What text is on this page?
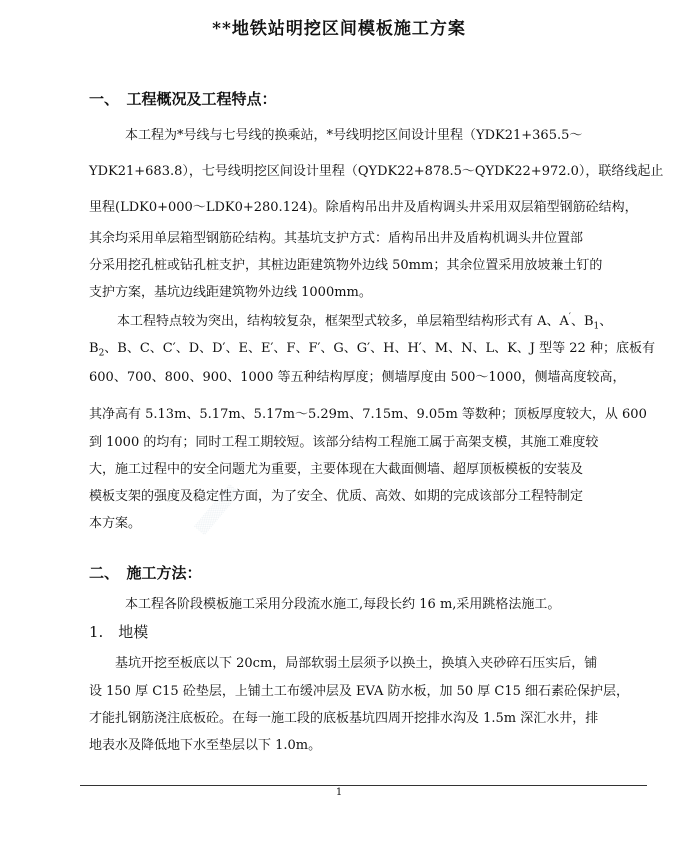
**地铁站明挖区间模板施工方案
一、　工程概况及工程特点：
　本工程为*号线与七号线的换乘站，*号线明挖区间设计里程（YDK21+365.5～
YDK21+683.8），七号线明挖区间设计里程（QYDK22+878.5～QYDK22+972.0），联络线起止
里程(LDK0+000～LDK0+280.124)。除盾构吊出井及盾构调头井采用双层箱型钢筋砼结构，
其余均采用单层箱型钢筋砼结构。其基坑支护方式：盾构吊出井及盾构机调头井位置部
分采用挖孔桩或钻孔桩支护，其桩边距建筑物外边线 50mm；其余位置采用放坡兼土钉的
支护方案，基坑边线距建筑物外边线 1000mm。
本工程特点较为突出，结构较复杂，框架型式较多，单层箱型结构形式有 A、A′、$B_1$、
$B_2$、B、C、C′、D、D′、E、E′、F、F′、G、G′、H、H′、M、N、L、K、J 型等 22 种；底板有
600、700、800、900、1000 等五种结构厚度；侧墙厚度由 500～1000，侧墙高度较高，
其净高有 5.13m、5.17m、5.17m～5.29m、7.15m、9.05m 等数种；顶板厚度较大，从 600
到 1000 的均有；同时工程工期较短。该部分结构工程施工属于高架支模，其施工难度较
大，施工过程中的安全问题尤为重要，主要体现在大截面侧墙、超厚顶板模板的安装及
模板支架的强度及稳定性方面，为了安全、优质、高效、如期的完成该部分工程特制定
本方案。
二、　施工方法：
　本工程各阶段模板施工采用分段流水施工,每段长约 16 m,采用跳格法施工。
1.　地模
　　基坑开挖至板底以下 20cm，局部软弱土层须予以换土，换填入夹砂碎石压实后，铺
设 150 厚 C15 砼垫层，上铺土工布缓冲层及 EVA 防水板，加 50 厚 C15 细石素砼保护层，
才能扎钢筋浇注底板砼。在每一施工段的底板基坑四周开挖排水沟及 1.5m 深汇水井，排
地表水及降低地下水至垫层以下 1.0m。
▒▒▒▒▒▒
1
